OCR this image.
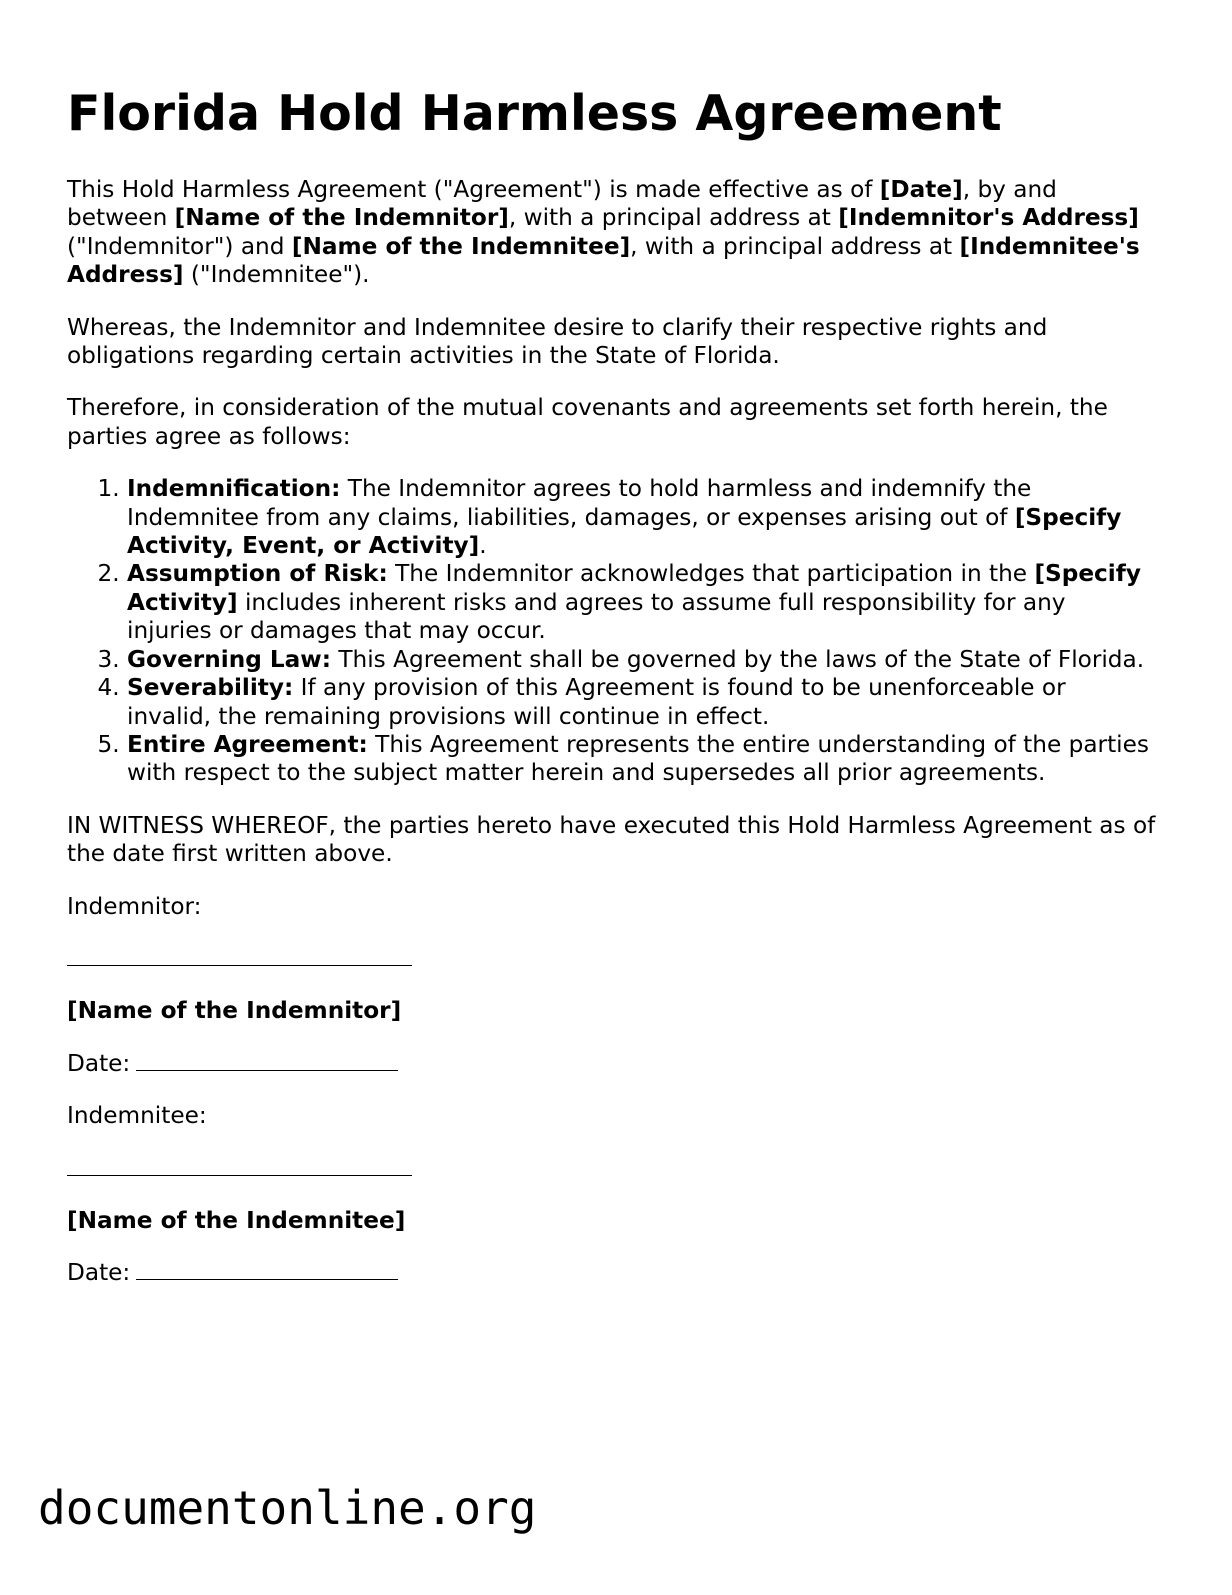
Florida Hold Harmless Agreement

This Hold Harmless Agreement ("Agreement") is made effective as of [Date], by and between [Name of the Indemnitor], with a principal address at [Indemnitor's Address] ("Indemnitor") and [Name of the Indemnitee], with a principal address at [Indemnitee's Address] ("Indemnitee").

Whereas, the Indemnitor and Indemnitee desire to clarify their respective rights and obligations regarding certain activities in the State of Florida.

Therefore, in consideration of the mutual covenants and agreements set forth herein, the parties agree as follows:

1. Indemnification: The Indemnitor agrees to hold harmless and indemnify the Indemnitee from any claims, liabilities, damages, or expenses arising out of [Specify Activity, Event, or Activity].
2. Assumption of Risk: The Indemnitor acknowledges that participation in the [Specify Activity] includes inherent risks and agrees to assume full responsibility for any injuries or damages that may occur.
3. Governing Law: This Agreement shall be governed by the laws of the State of Florida.
4. Severability: If any provision of this Agreement is found to be unenforceable or invalid, the remaining provisions will continue in effect.
5. Entire Agreement: This Agreement represents the entire understanding of the parties with respect to the subject matter herein and supersedes all prior agreements.

IN WITNESS WHEREOF, the parties hereto have executed this Hold Harmless Agreement as of the date first written above.

Indemnitor:

[Name of the Indemnitor]

Date:

Indemnitee:

[Name of the Indemnitee]

Date:

documentonline.org
